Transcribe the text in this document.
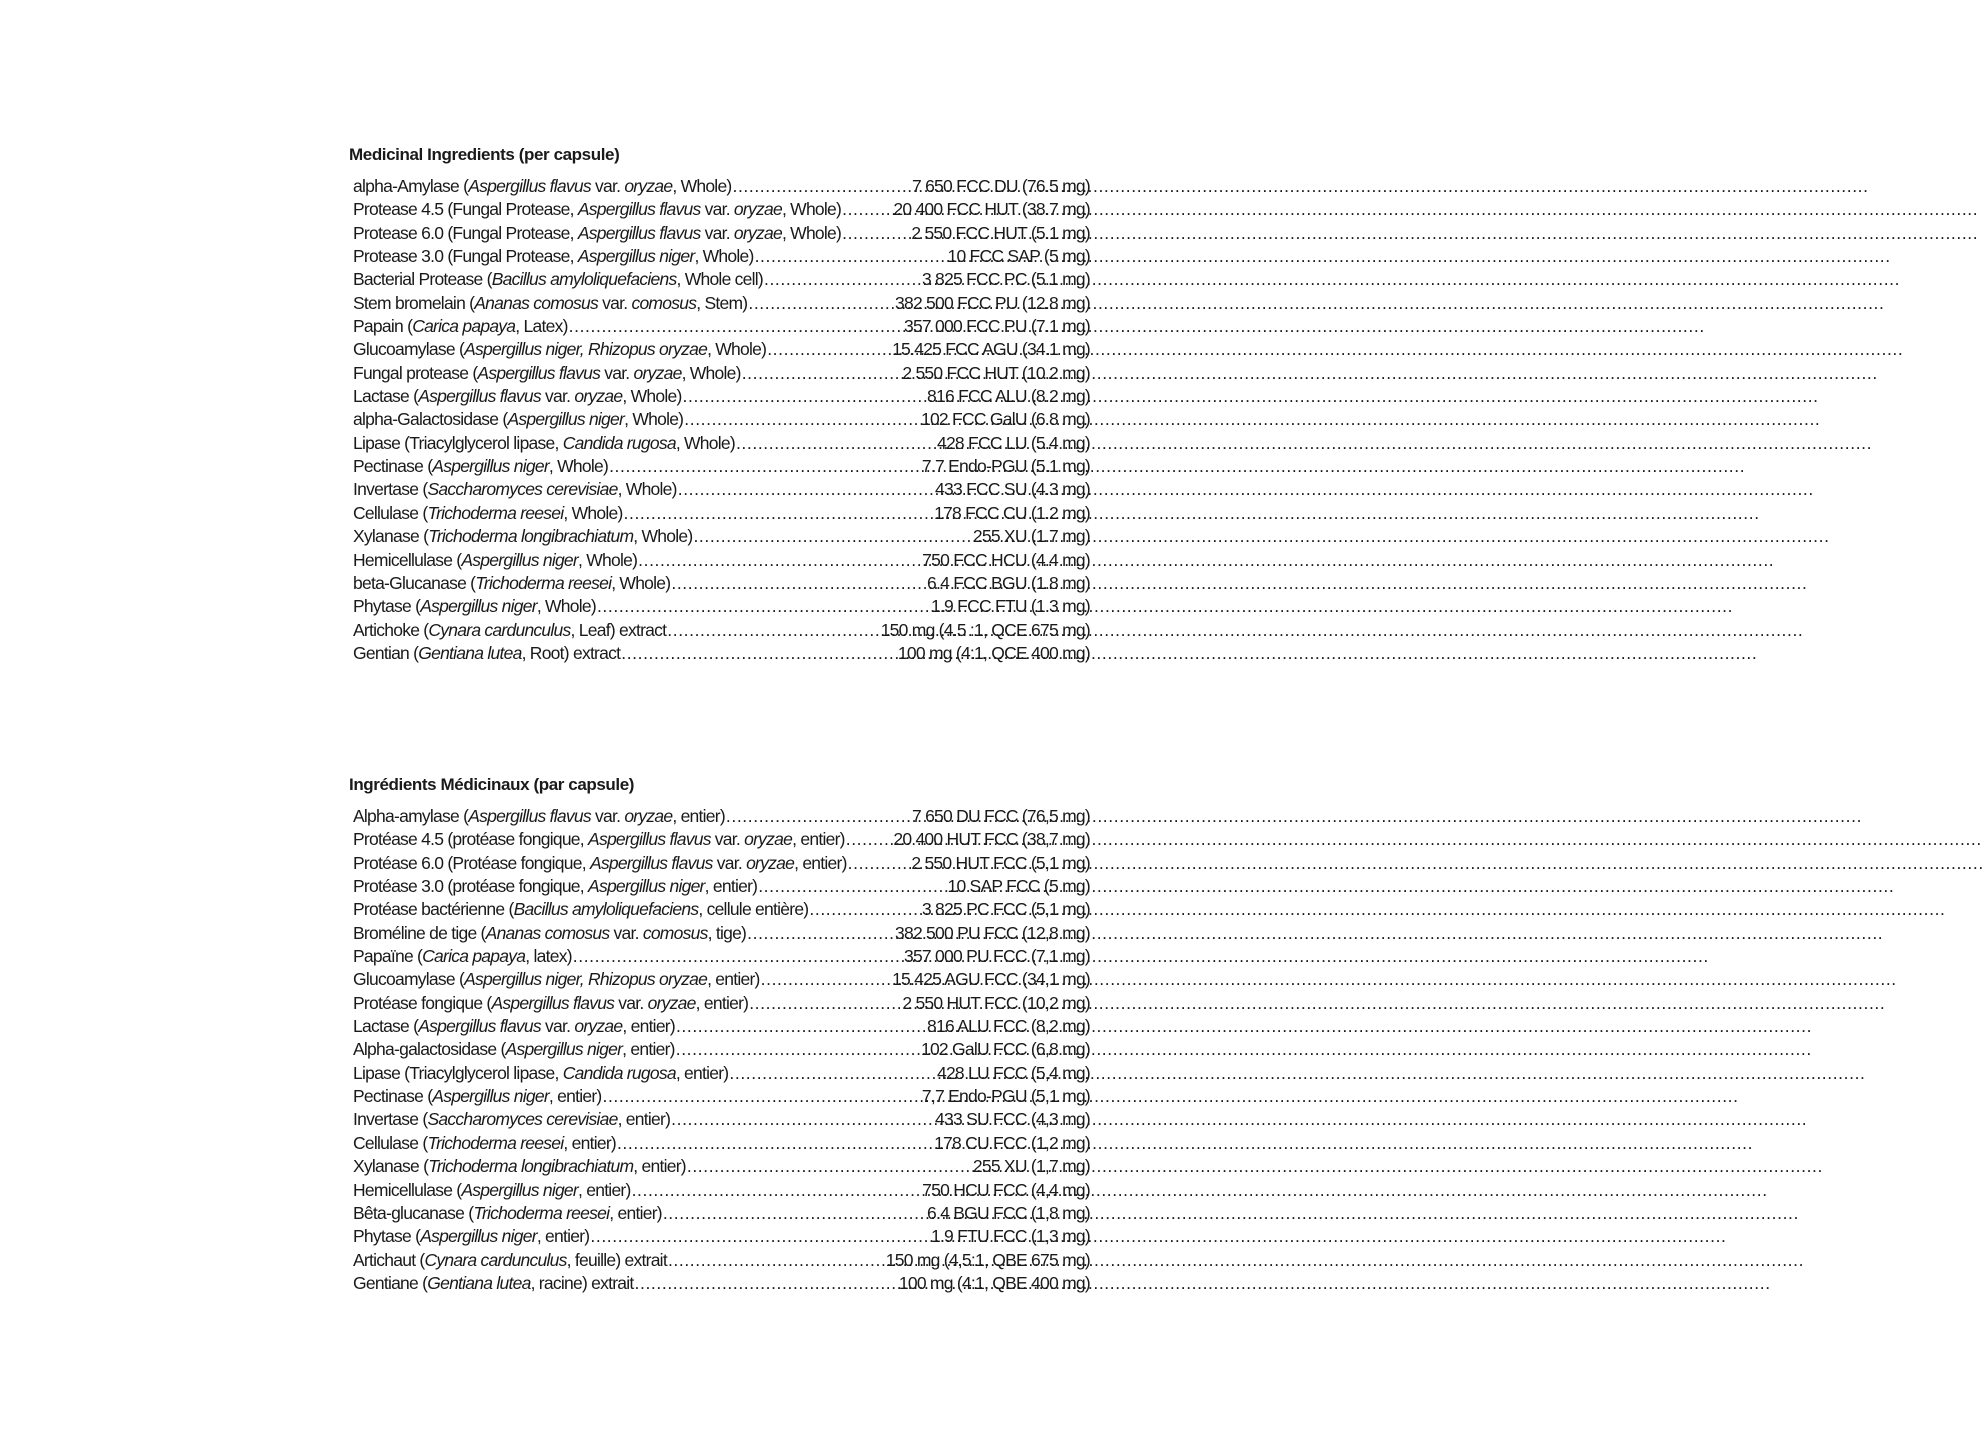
Medicinal Ingredients (per capsule)
alpha-Amylase (Aspergillus flavus var. oryzae, Whole) .....	7 650 FCC DU (76.5 mg)
Protease 4.5 (Fungal Protease, Aspergillus flavus var. oryzae, Whole) .....	20 400 FCC HUT (38.7 mg)
Protease 6.0 (Fungal Protease, Aspergillus flavus var. oryzae, Whole) .....	2 550 FCC HUT (5.1 mg)
Protease 3.0 (Fungal Protease, Aspergillus niger, Whole) .....	10 FCC SAP (5 mg)
Bacterial Protease (Bacillus amyloliquefaciens, Whole cell) .....	3 825 FCC PC (5.1 mg)
Stem bromelain (Ananas comosus var. comosus, Stem) .....	382 500 FCC PU (12.8 mg)
Papain (Carica papaya, Latex) .....	357 000 FCC PU (7.1 mg)
Glucoamylase (Aspergillus niger, Rhizopus oryzae, Whole) .....	15.425 FCC AGU (34.1 mg)
Fungal protease (Aspergillus flavus var. oryzae, Whole) .....	2 550 FCC HUT (10.2 mg)
Lactase (Aspergillus flavus var. oryzae, Whole) .....	816 FCC ALU (8.2 mg)
alpha-Galactosidase (Aspergillus niger, Whole) .....	102 FCC GalU (6.8 mg)
Lipase (Triacylglycerol lipase, Candida rugosa, Whole) .....	428 FCC LU (5.4 mg)
Pectinase (Aspergillus niger, Whole) .....	7.7 Endo-PGU (5.1 mg)
Invertase (Saccharomyces cerevisiae, Whole) .....	433 FCC SU (4.3 mg)
Cellulase (Trichoderma reesei, Whole) .....	178 FCC CU (1.2 mg)
Xylanase (Trichoderma longibrachiatum, Whole) .....	255 XU (1.7 mg)
Hemicellulase (Aspergillus niger, Whole) .....	750 FCC HCU (4.4 mg)
beta-Glucanase (Trichoderma reesei, Whole) .....	6.4 FCC BGU (1.8 mg)
Phytase (Aspergillus niger, Whole) .....	1.9 FCC FTU (1.3 mg)
Artichoke (Cynara cardunculus, Leaf) extract .....	150 mg (4.5 :1, QCE 675 mg)
Gentian (Gentiana lutea, Root) extract .....	100 mg (4:1, QCE 400 mg)
Ingrédients Médicinaux (par capsule)
Alpha-amylase (Aspergillus flavus var. oryzae, entier) .....	7 650 DU FCC (76,5 mg)
Protéase 4.5 (protéase fongique, Aspergillus flavus var. oryzae, entier) .....	20 400 HUT FCC (38,7 mg)
Protéase 6.0 (Protéase fongique, Aspergillus flavus var. oryzae, entier) .....	2 550 HUT FCC (5,1 mg)
Protéase 3.0 (protéase fongique, Aspergillus niger, entier) .....	10 SAP FCC (5 mg)
Protéase bactérienne (Bacillus amyloliquefaciens, cellule entière) .....	3 825 PC FCC (5,1 mg)
Broméline de tige (Ananas comosus var. comosus, tige) .....	382 500 PU FCC (12,8 mg)
Papaïne (Carica papaya, latex) .....	357 000 PU FCC (7,1 mg)
Glucoamylase (Aspergillus niger, Rhizopus oryzae, entier) .....	15.425 AGU FCC (34,1 mg)
Protéase fongique (Aspergillus flavus var. oryzae, entier) .....	2 550 HUT FCC (10,2 mg)
Lactase (Aspergillus flavus var. oryzae, entier) .....	816 ALU FCC (8,2 mg)
Alpha-galactosidase (Aspergillus niger, entier) .....	102 GalU FCC (6,8 mg)
Lipase (Triacylglycerol lipase, Candida rugosa, entier) .....	428 LU FCC (5,4 mg)
Pectinase (Aspergillus niger, entier) .....	7,7 Endo-PGU (5,1 mg)
Invertase (Saccharomyces cerevisiae, entier) .....	433 SU FCC (4,3 mg)
Cellulase (Trichoderma reesei, entier) .....	178 CU FCC (1,2 mg)
Xylanase (Trichoderma longibrachiatum, entier) .....	255 XU (1,7 mg)
Hemicellulase (Aspergillus niger, entier) .....	750 HCU FCC (4,4 mg)
Bêta-glucanase (Trichoderma reesei, entier) .....	6.4 BGU FCC (1,8 mg)
Phytase (Aspergillus niger, entier) .....	1.9 FTU FCC (1,3 mg)
Artichaut (Cynara cardunculus, feuille) extrait .....	150 mg (4,5:1, QBE 675 mg)
Gentiane (Gentiana lutea, racine) extrait .....	100 mg (4:1, QBE 400 mg)
